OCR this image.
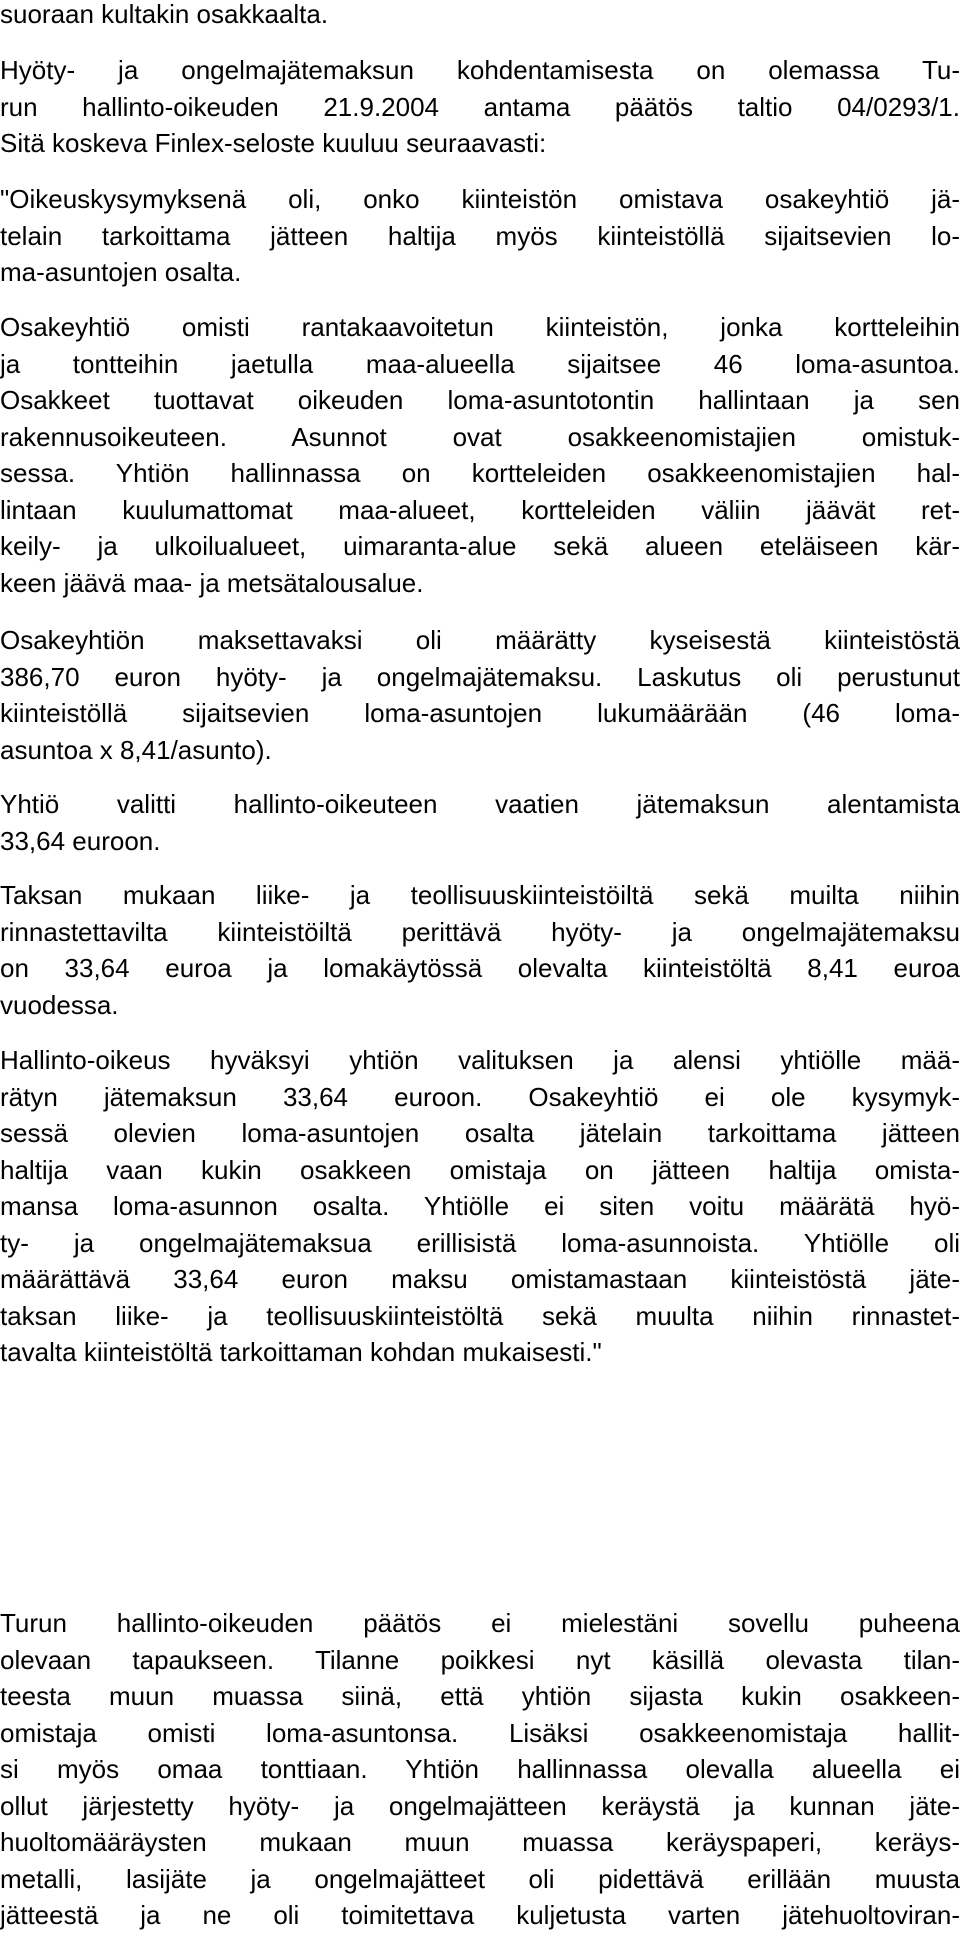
suoraan kultakin osakkaalta.
Hyöty- ja ongelmajätemaksun kohdentamisesta on olemassa Tu-
run hallinto-oikeuden 21.9.2004 antama päätös taltio 04/0293/1.
Sitä koskeva Finlex-seloste kuuluu seuraavasti:
"Oikeuskysymyksenä oli, onko kiinteistön omistava osakeyhtiö jä-
telain tarkoittama jätteen haltija myös kiinteistöllä sijaitsevien lo-
ma-asuntojen osalta.
Osakeyhtiö omisti rantakaavoitetun kiinteistön, jonka kortteleihin
ja tontteihin jaetulla maa-alueella sijaitsee 46 loma-asuntoa.
Osakkeet tuottavat oikeuden loma-asuntotontin hallintaan ja sen
rakennusoikeuteen. Asunnot ovat osakkeenomistajien omistuk-
sessa. Yhtiön hallinnassa on kortteleiden osakkeenomistajien hal-
lintaan kuulumattomat maa-alueet, kortteleiden väliin jäävät ret-
keily- ja ulkoilualueet, uimaranta-alue sekä alueen eteläiseen kär-
keen jäävä maa- ja metsätalousalue.
Osakeyhtiön maksettavaksi oli määrätty kyseisestä kiinteistöstä
386,70 euron hyöty- ja ongelmajätemaksu. Laskutus oli perustunut
kiinteistöllä sijaitsevien loma-asuntojen lukumäärään (46 loma-
asuntoa x 8,41/asunto).
Yhtiö valitti hallinto-oikeuteen vaatien jätemaksun alentamista
33,64 euroon.
Taksan mukaan liike- ja teollisuuskiinteistöiltä sekä muilta niihin
rinnastettavilta kiinteistöiltä perittävä hyöty- ja ongelmajätemaksu
on 33,64 euroa ja lomakäytössä olevalta kiinteistöltä 8,41 euroa
vuodessa.
Hallinto-oikeus hyväksyi yhtiön valituksen ja alensi yhtiölle mää-
rätyn jätemaksun 33,64 euroon. Osakeyhtiö ei ole kysymyk-
sessä olevien loma-asuntojen osalta jätelain tarkoittama jätteen
haltija vaan kukin osakkeen omistaja on jätteen haltija omista-
mansa loma-asunnon osalta. Yhtiölle ei siten voitu määrätä hyö-
ty- ja ongelmajätemaksua erillisistä loma-asunnoista. Yhtiölle oli
määrättävä 33,64 euron maksu omistamastaan kiinteistöstä jäte-
taksan liike- ja teollisuuskiinteistöltä sekä muulta niihin rinnastet-
tavalta kiinteistöltä tarkoittaman kohdan mukaisesti."
Turun hallinto-oikeuden päätös ei mielestäni sovellu puheena
olevaan tapaukseen. Tilanne poikkesi nyt käsillä olevasta tilan-
teesta muun muassa siinä, että yhtiön sijasta kukin osakkeen-
omistaja omisti loma-asuntonsa. Lisäksi osakkeenomistaja hallit-
si myös omaa tonttiaan. Yhtiön hallinnassa olevalla alueella ei
ollut järjestetty hyöty- ja ongelmajätteen keräystä ja kunnan jäte-
huoltomääräysten mukaan muun muassa keräyspaperi, keräys-
metalli, lasijäte ja ongelmajätteet oli pidettävä erillään muusta
jätteestä ja ne oli toimitettava kuljetusta varten jätehuoltoviran-
